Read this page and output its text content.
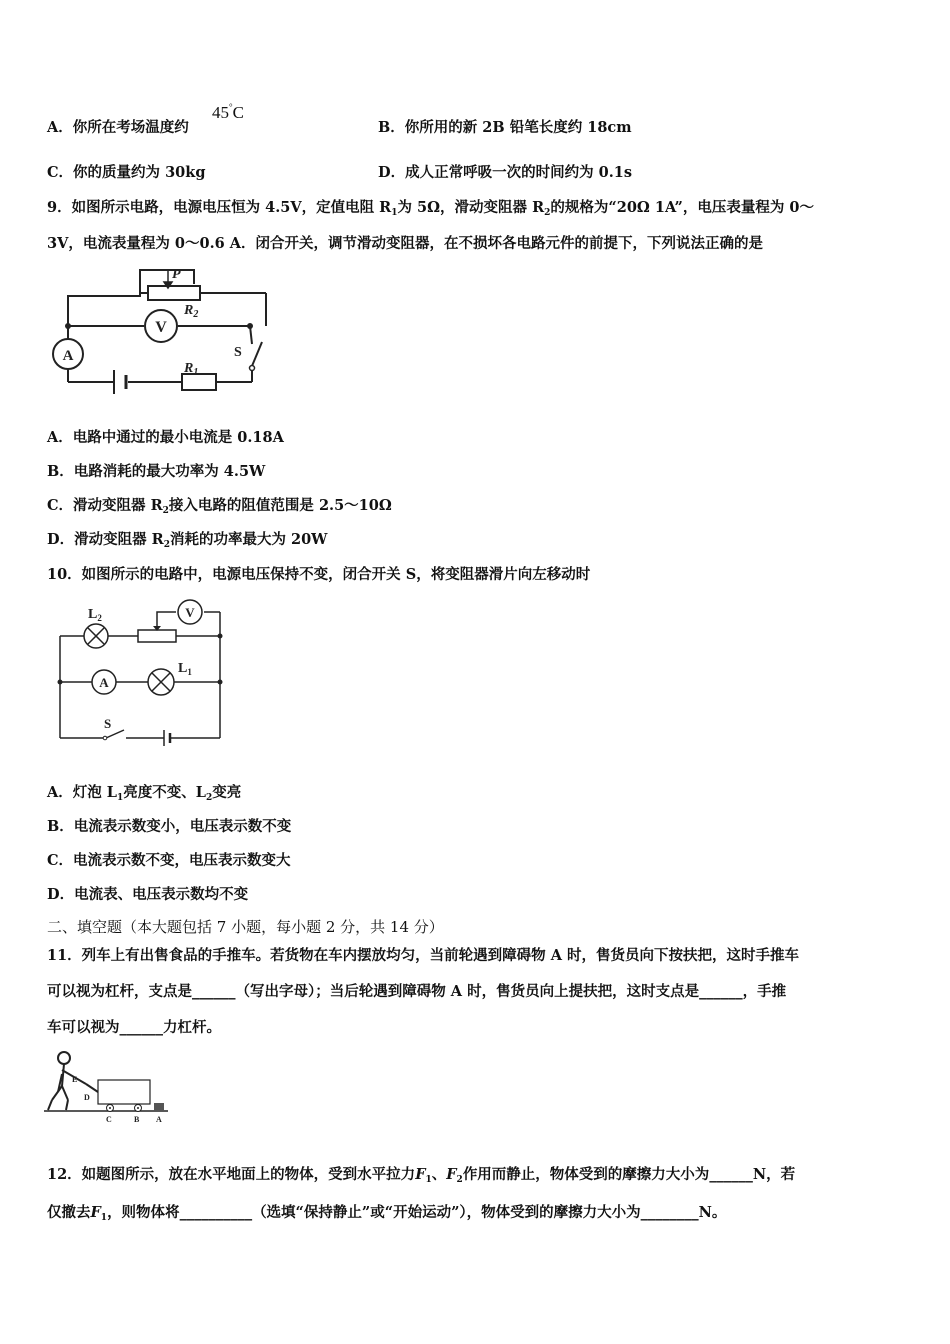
A．你所在考场温度约
45°C
B．你所用的新 2B 铅笔长度约 18cm
C．你的质量约为 30kg	D．成人正常呼吸一次的时间约为 0.1s
9．如图所示电路，电源电压恒为 4.5V，定值电阻 $R_1$为 5Ω，滑动变阻器 $R_2$的规格为“20Ω 1A”，电压表量程为 0～
3V，电流表量程为 0～0.6 A．闭合开关，调节滑动变阻器，在不损坏各电路元件的前提下，下列说法正确的是
V
A
P
$R_2$
S
$R_1$
A．电路中通过的最小电流是 0.18A
B．电路消耗的最大功率为 4.5W
C．滑动变阻器 $R_2$接入电路的阻值范围是 2.5～10Ω
D．滑动变阻器 $R_2$消耗的功率最大为 20W
10．如图所示的电路中，电源电压保持不变，闭合开关 S，将变阻器滑片向左移动时
V
A
$L_2$
$L_1$
S
A．灯泡 $L_1$亮度不变、$L_2$变亮
B．电流表示数变小，电压表示数不变
C．电流表示数不变，电压表示数变大
D．电流表、电压表示数均不变
二、填空题（本大题包括 7 小题，每小题 2 分，共 14 分）
11．列车上有出售食品的手推车。若货物在车内摆放均匀，当前轮遇到障碍物 A 时，售货员向下按扶把，这时手推车
可以视为杠杆，支点是______（写出字母）；当后轮遇到障碍物 A 时，售货员向上提扶把，这时支点是______，手推
车可以视为______力杠杆。
E
D
C	B A
12．如题图所示，放在水平地面上的物体，受到水平拉力$F_1$、$F_2$作用而静止，物体受到的摩擦力大小为______N，若
仅撤去$F_1$，则物体将__________（选填“保持静止”或“开始运动”），物体受到的摩擦力大小为________N。
